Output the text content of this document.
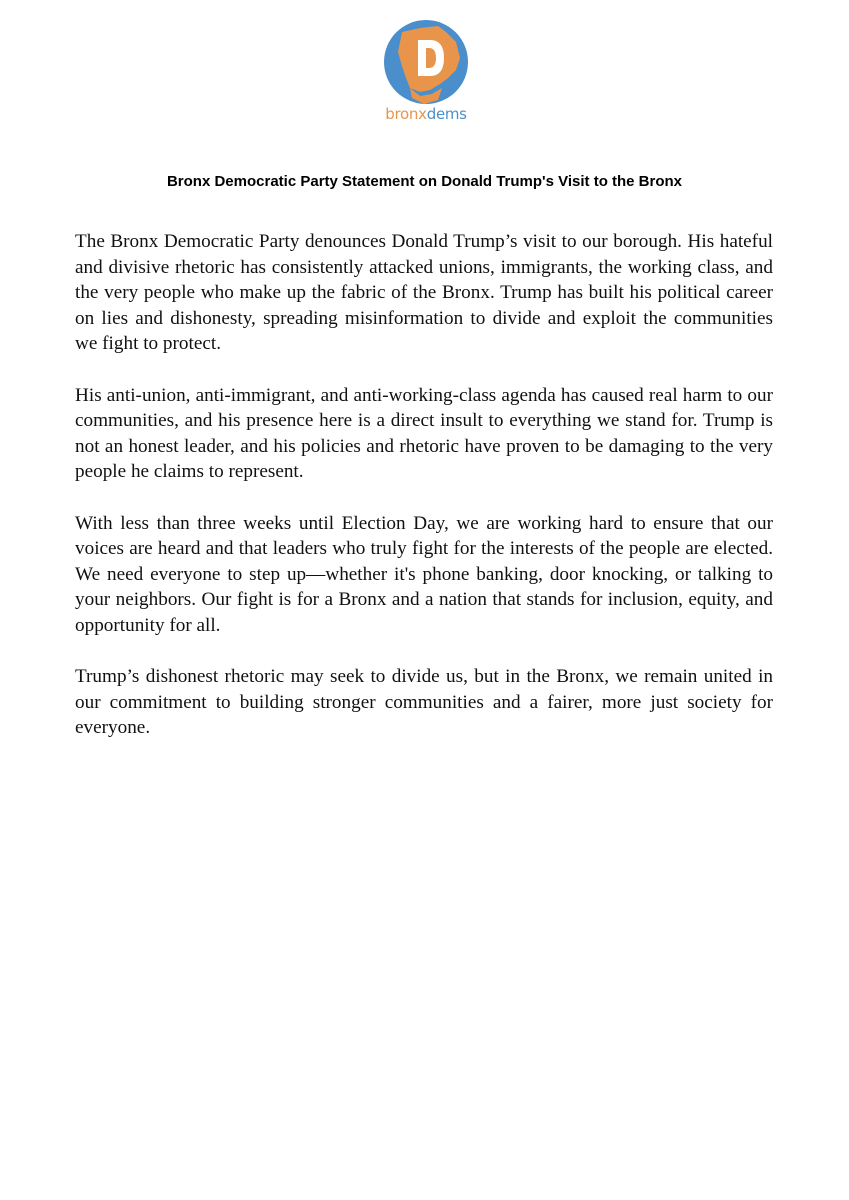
D
bronxdems
Bronx Democratic Party Statement on Donald Trump's Visit to the Bronx

The Bronx Democratic Party denounces Donald Trump’s visit to our borough. His hateful and divisive rhetoric has consistently attacked unions, immigrants, the working class, and the very people who make up the fabric of the Bronx. Trump has built his political career on lies and dishonesty, spreading misinformation to divide and exploit the communities we fight to protect.

His anti-union, anti-immigrant, and anti-working-class agenda has caused real harm to our communities, and his presence here is a direct insult to everything we stand for. Trump is not an honest leader, and his policies and rhetoric have proven to be damaging to the very people he claims to represent.

With less than three weeks until Election Day, we are working hard to ensure that our voices are heard and that leaders who truly fight for the interests of the people are elected. We need everyone to step up—whether it's phone banking, door knocking, or talking to your neighbors. Our fight is for a Bronx and a nation that stands for inclusion, equity, and opportunity for all.

Trump’s dishonest rhetoric may seek to divide us, but in the Bronx, we remain united in our commitment to building stronger communities and a fairer, more just society for everyone.
